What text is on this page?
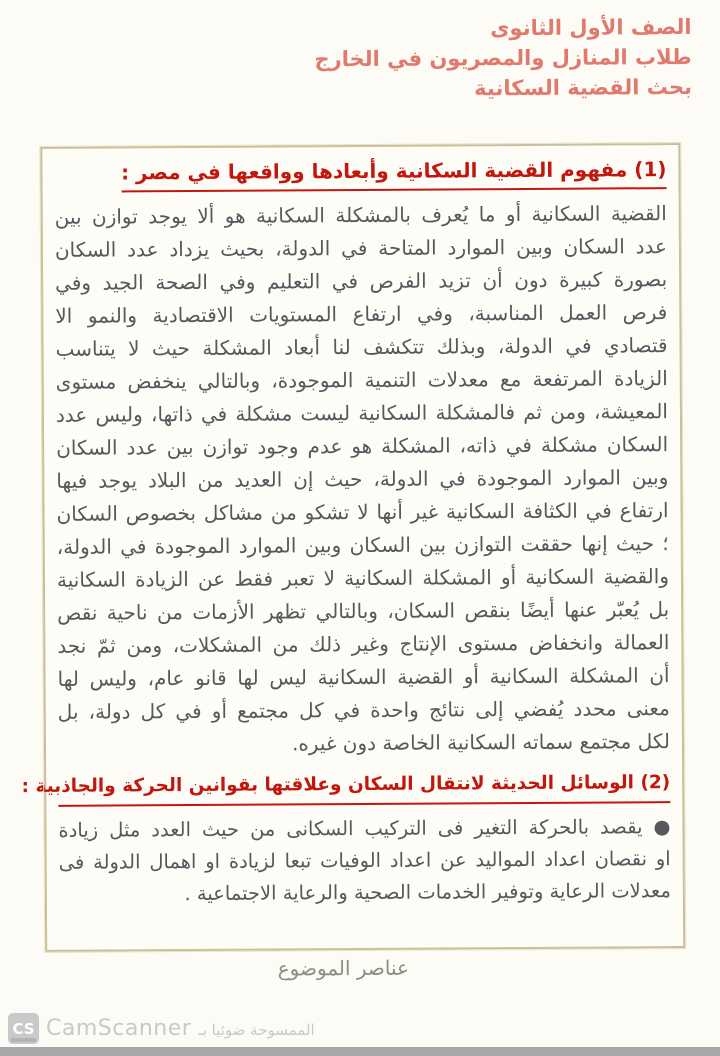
الصف الأول الثانوى
طلاب المنازل والمصريون في الخارج
بحث القضية السكانية
(1) مفهوم القضية السكانية وأبعادها وواقعها في مصر :
القضية السكانية أو ما يُعرف بالمشكلة السكانية هو ألا يوجد توازن بين
عدد السكان وبين الموارد المتاحة في الدولة، بحيث يزداد عدد السكان
بصورة كبيرة دون أن تزيد الفرص في التعليم وفي الصحة الجيد وفي
فرص العمل المناسبة، وفي ارتفاع المستويات الاقتصادية والنمو الا
قتصادي في الدولة، وبذلك تتكشف لنا أبعاد المشكلة حيث لا يتناسب
الزيادة المرتفعة مع معدلات التنمية الموجودة، وبالتالي ينخفض مستوى
المعيشة، ومن ثم فالمشكلة السكانية ليست مشكلة في ذاتها، وليس عدد
السكان مشكلة في ذاته، المشكلة هو عدم وجود توازن بين عدد السكان
وبين الموارد الموجودة في الدولة، حيث إن العديد من البلاد يوجد فيها
ارتفاع في الكثافة السكانية غير أنها لا تشكو من مشاكل بخصوص السكان
؛ حيث إنها حققت التوازن بين السكان وبين الموارد الموجودة في الدولة،
والقضية السكانية أو المشكلة السكانية لا تعبر فقط عن الزيادة السكانية
بل يُعبّر عنها أيضًا بنقص السكان، وبالتالي تظهر الأزمات من ناحية نقص
العمالة وانخفاض مستوى الإنتاج وغير ذلك من المشكلات، ومن ثمّ نجد
أن المشكلة السكانية أو القضية السكانية ليس لها قانو عام، وليس لها
معنى محدد يُفضي إلى نتائج واحدة في كل مجتمع أو في كل دولة، بل
لكل مجتمع سماته السكانية الخاصة دون غيره.
(2) الوسائل الحديثة لانتقال السكان وعلاقتها بقوانين الحركة والجاذبية :
● يقصد بالحركة التغير فى التركيب السكانى من حيث العدد مثل زيادة
او نقصان اعداد المواليد عن اعداد الوفيات تبعا لزيادة او اهمال الدولة فى
معدلات الرعاية وتوفير الخدمات الصحية والرعاية الاجتماعية .
عناصر الموضوع
CS CamScanner الممسوحة ضوئيا بـ
